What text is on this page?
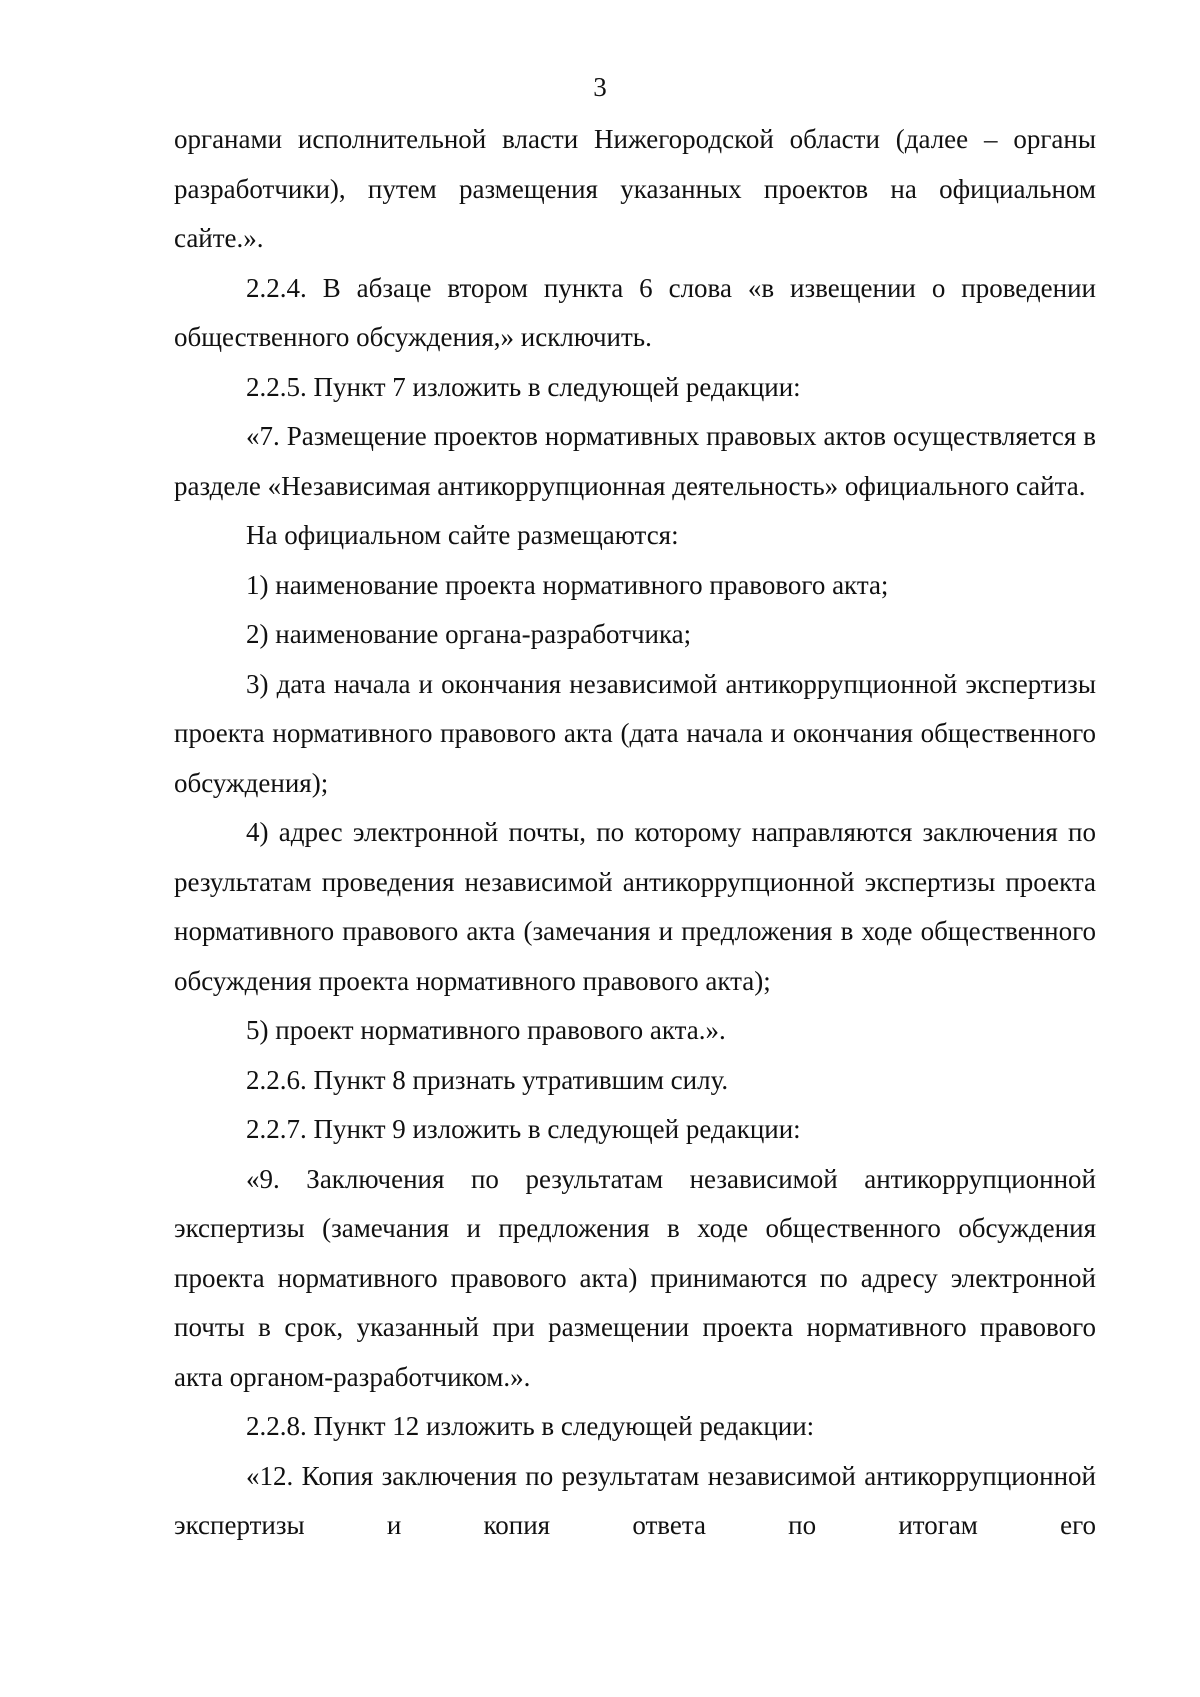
3

органами исполнительной власти Нижегородской области (далее – органы разработчики), путем размещения указанных проектов на официальном сайте.».

2.2.4. В абзаце втором пункта 6 слова «в извещении о проведении общественного обсуждения,» исключить.

2.2.5. Пункт 7 изложить в следующей редакции:

«7. Размещение проектов нормативных правовых актов осуществляется в разделе «Независимая антикоррупционная деятельность» официального сайта.

На официальном сайте размещаются:

1) наименование проекта нормативного правового акта;

2) наименование органа-разработчика;

3) дата начала и окончания независимой антикоррупционной экспертизы проекта нормативного правового акта (дата начала и окончания общественного обсуждения);

4) адрес электронной почты, по которому направляются заключения по результатам проведения независимой антикоррупционной экспертизы проекта нормативного правового акта (замечания и предложения в ходе общественного обсуждения проекта нормативного правового акта);

5) проект нормативного правового акта.».

2.2.6. Пункт 8 признать утратившим силу.

2.2.7. Пункт 9 изложить в следующей редакции:

«9. Заключения по результатам независимой антикоррупционной экспертизы (замечания и предложения в ходе общественного обсуждения проекта нормативного правового акта) принимаются по адресу электронной почты в срок, указанный при размещении проекта нормативного правового акта органом-разработчиком.».

2.2.8. Пункт 12 изложить в следующей редакции:

«12. Копия заключения по результатам независимой антикоррупционной экспертизы и копия ответа по итогам его
